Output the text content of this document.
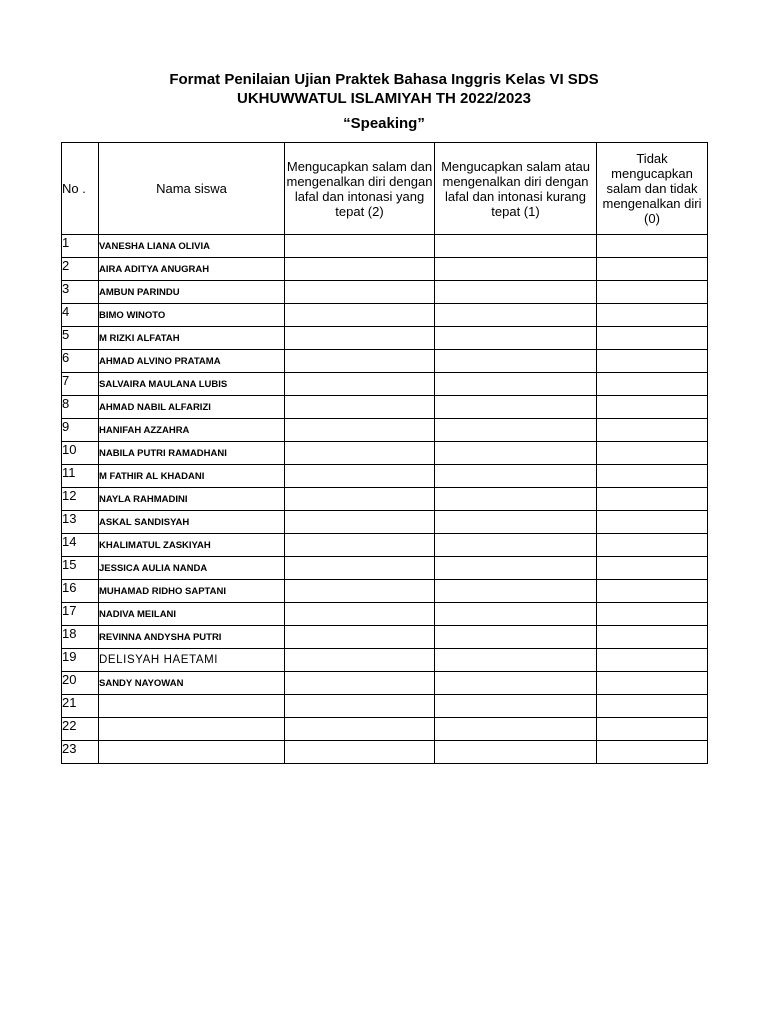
Format Penilaian Ujian Praktek Bahasa Inggris Kelas VI SDS
UKHUWWATUL ISLAMIYAH TH 2022/2023
“Speaking”
No .	Nama siswa	Mengucapkan salam dan mengenalkan diri dengan lafal dan intonasi yang tepat (2)	Mengucapkan salam atau mengenalkan diri dengan lafal dan intonasi kurang tepat (1)	Tidak mengucapkan salam dan tidak mengenalkan diri (0)
1	VANESHA LIANA OLIVIA			
2	AIRA ADITYA ANUGRAH			
3	AMBUN PARINDU			
4	BIMO WINOTO			
5	M RIZKI ALFATAH			
6	AHMAD ALVINO PRATAMA			
7	SALVAIRA MAULANA LUBIS			
8	AHMAD NABIL ALFARIZI			
9	HANIFAH AZZAHRA			
10	NABILA PUTRI RAMADHANI			
11	M FATHIR AL KHADANI			
12	NAYLA RAHMADINI			
13	ASKAL SANDISYAH			
14	KHALIMATUL ZASKIYAH			
15	JESSICA AULIA NANDA			
16	MUHAMAD RIDHO SAPTANI			
17	NADIVA MEILANI			
18	REVINNA ANDYSHA PUTRI			
19	DELISYAH HAETAMI			
20	SANDY NAYOWAN			
21				
22				
23				
